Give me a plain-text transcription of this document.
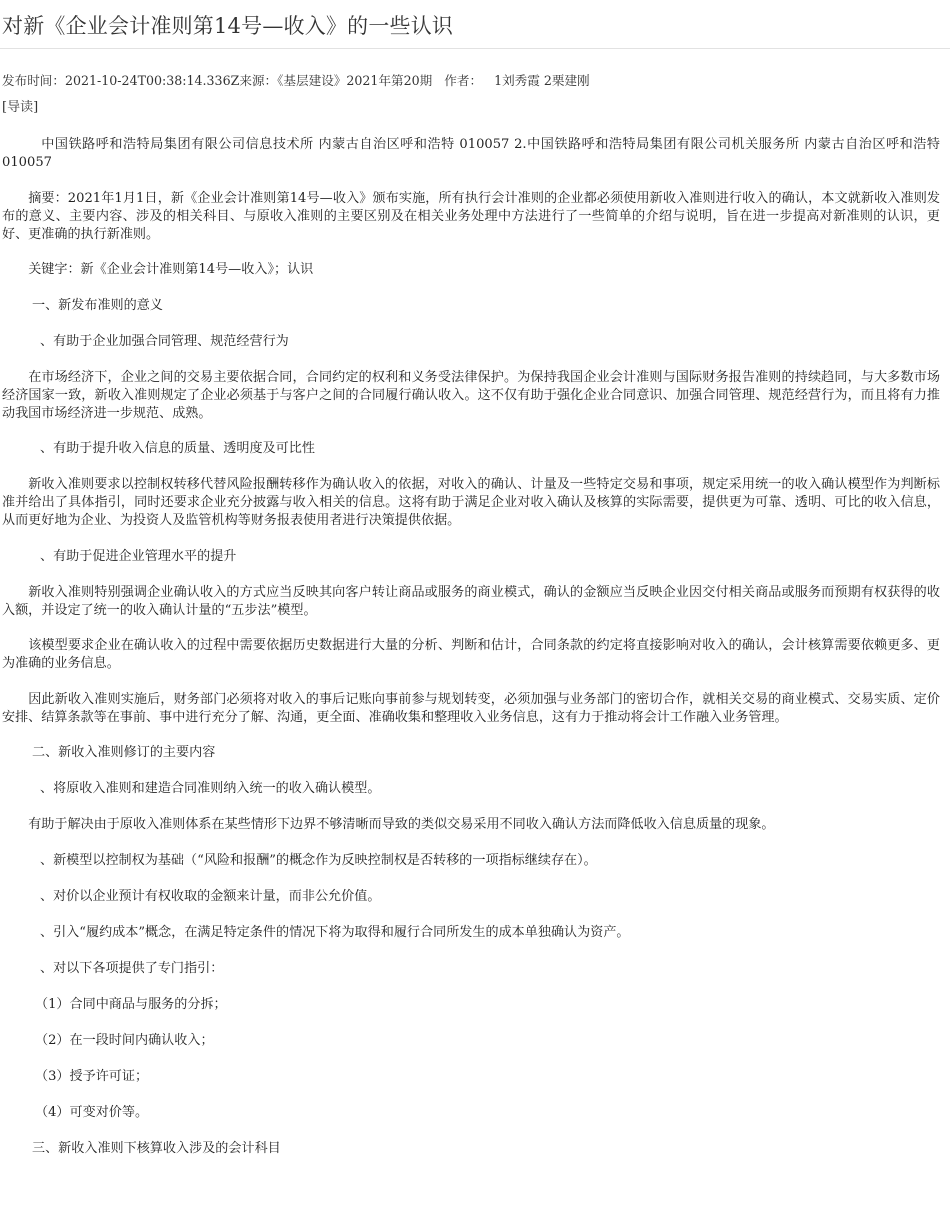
对新《企业会计准则第14号—收入》的一些认识
发布时间：2021-10-24T00:38:14.336Z来源：《基层建设》2021年第20期 作者： 1刘秀霞 2栗建刚
[导读]

中国铁路呼和浩特局集团有限公司信息技术所 内蒙古自治区呼和浩特 010057 2.中国铁路呼和浩特局集团有限公司机关服务所 内蒙古自治区呼和浩特 010057

摘要：2021年1月1日，新《企业会计准则第14号—收入》颁布实施，所有执行会计准则的企业都必须使用新收入准则进行收入的确认，本文就新收入准则发布的意义、主要内容、涉及的相关科目、与原收入准则的主要区别及在相关业务处理中方法进行了一些简单的介绍与说明，旨在进一步提高对新准则的认识，更好、更准确的执行新准则。

关键字：新《企业会计准则第14号—收入》；认识

一、新发布准则的意义
、有助于企业加强合同管理、规范经营行为

在市场经济下，企业之间的交易主要依据合同，合同约定的权利和义务受法律保护。为保持我国企业会计准则与国际财务报告准则的持续趋同，与大多数市场经济国家一致，新收入准则规定了企业必须基于与客户之间的合同履行确认收入。这不仅有助于强化企业合同意识、加强合同管理、规范经营行为，而且将有力推动我国市场经济进一步规范、成熟。

、有助于提升收入信息的质量、透明度及可比性

新收入准则要求以控制权转移代替风险报酬转移作为确认收入的依据，对收入的确认、计量及一些特定交易和事项，规定采用统一的收入确认模型作为判断标准并给出了具体指引，同时还要求企业充分披露与收入相关的信息。这将有助于满足企业对收入确认及核算的实际需要，提供更为可靠、透明、可比的收入信息，从而更好地为企业、为投资人及监管机构等财务报表使用者进行决策提供依据。

、有助于促进企业管理水平的提升

新收入准则特别强调企业确认收入的方式应当反映其向客户转让商品或服务的商业模式，确认的金额应当反映企业因交付相关商品或服务而预期有权获得的收入额，并设定了统一的收入确认计量的“五步法”模型。

该模型要求企业在确认收入的过程中需要依据历史数据进行大量的分析、判断和估计，合同条款的约定将直接影响对收入的确认，会计核算需要依赖更多、更为准确的业务信息。

因此新收入准则实施后，财务部门必须将对收入的事后记账向事前参与规划转变，必须加强与业务部门的密切合作，就相关交易的商业模式、交易实质、定价安排、结算条款等在事前、事中进行充分了解、沟通，更全面、准确收集和整理收入业务信息，这有力于推动将会计工作融入业务管理。

二、新收入准则修订的主要内容
、将原收入准则和建造合同准则纳入统一的收入确认模型。

有助于解决由于原收入准则体系在某些情形下边界不够清晰而导致的类似交易采用不同收入确认方法而降低收入信息质量的现象。

、新模型以控制权为基础（“风险和报酬”的概念作为反映控制权是否转移的一项指标继续存在）。
、对价以企业预计有权收取的金额来计量，而非公允价值。
、引入“履约成本”概念，在满足特定条件的情况下将为取得和履行合同所发生的成本单独确认为资产。
、对以下各项提供了专门指引：
（1）合同中商品与服务的分拆；
（2）在一段时间内确认收入；
（3）授予许可证；
（4）可变对价等。
三、新收入准则下核算收入涉及的会计科目
